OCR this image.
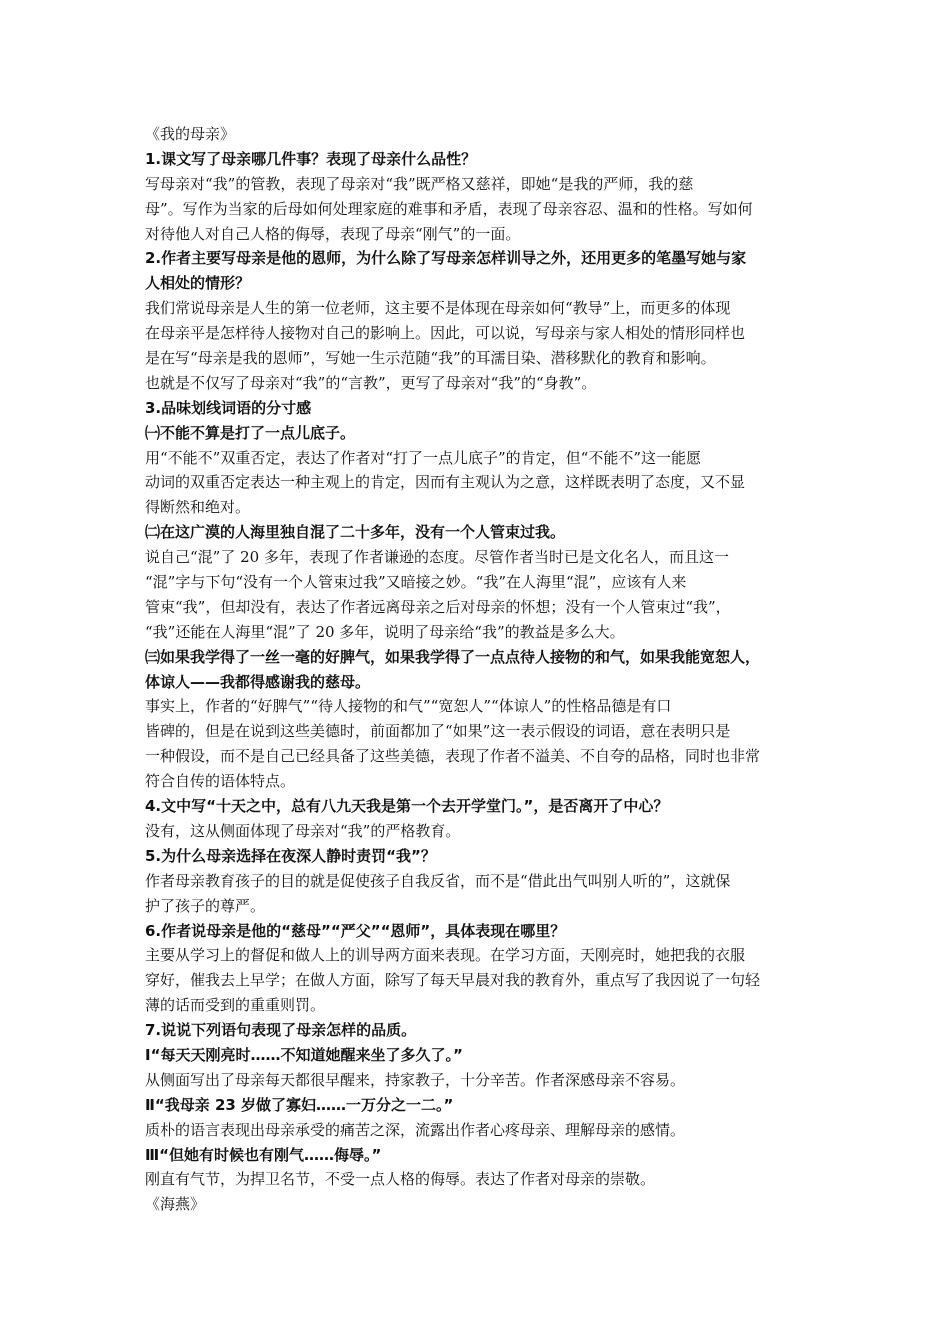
《我的母亲》
1.课文写了母亲哪几件事？表现了母亲什么品性？
写母亲对“我”的管教，表现了母亲对“我”既严格又慈祥，即她“是我的严师，我的慈
母”。写作为当家的后母如何处理家庭的难事和矛盾，表现了母亲容忍、温和的性格。写如何
对待他人对自己人格的侮辱，表现了母亲“刚气”的一面。
2.作者主要写母亲是他的恩师，为什么除了写母亲怎样训导之外，还用更多的笔墨写她与家
人相处的情形？
我们常说母亲是人生的第一位老师，这主要不是体现在母亲如何“教导”上，而更多的体现
在母亲平是怎样待人接物对自己的影响上。因此，可以说，写母亲与家人相处的情形同样也
是在写“母亲是我的恩师”，写她一生示范随“我”的耳濡目染、潜移默化的教育和影响。
也就是不仅写了母亲对“我”的“言教”，更写了母亲对“我”的“身教”。
3.品味划线词语的分寸感
㈠不能不算是打了一点儿底子。
用“不能不”双重否定，表达了作者对“打了一点儿底子”的肯定，但“不能不”这一能愿
动词的双重否定表达一种主观上的肯定，因而有主观认为之意，这样既表明了态度，又不显
得断然和绝对。
㈡在这广漠的人海里独自混了二十多年，没有一个人管束过我。
说自己“混”了 20 多年，表现了作者谦逊的态度。尽管作者当时已是文化名人，而且这一
“混”字与下句“没有一个人管束过我”又暗接之妙。“我”在人海里“混”，应该有人来
管束“我”，但却没有，表达了作者远离母亲之后对母亲的怀想；没有一个人管束过“我”，
“我”还能在人海里“混”了 20 多年，说明了母亲给“我”的教益是多么大。
㈢如果我学得了一丝一毫的好脾气，如果我学得了一点点待人接物的和气，如果我能宽恕人，
体谅人——我都得感谢我的慈母。
事实上，作者的“好脾气”“待人接物的和气”“宽恕人”“体谅人”的性格品德是有口
皆碑的，但是在说到这些美德时，前面都加了“如果”这一表示假设的词语，意在表明只是
一种假设，而不是自己已经具备了这些美德，表现了作者不溢美、不自夸的品格，同时也非常
符合自传的语体特点。
4.文中写“十天之中，总有八九天我是第一个去开学堂门。”，是否离开了中心？
没有，这从侧面体现了母亲对“我”的严格教育。
5.为什么母亲选择在夜深人静时责罚“我”？
作者母亲教育孩子的目的就是促使孩子自我反省，而不是“借此出气叫别人听的”，这就保
护了孩子的尊严。
6.作者说母亲是他的“慈母”“严父”“恩师”，具体表现在哪里？
主要从学习上的督促和做人上的训导两方面来表现。在学习方面，天刚亮时，她把我的衣服
穿好，催我去上早学；在做人方面，除写了每天早晨对我的教育外，重点写了我因说了一句轻
薄的话而受到的重重则罚。
7.说说下列语句表现了母亲怎样的品质。
Ⅰ“每天天刚亮时……不知道她醒来坐了多久了。”
从侧面写出了母亲每天都很早醒来，持家教子，十分辛苦。作者深感母亲不容易。
Ⅱ“我母亲 23 岁做了寡妇……一万分之一二。”
质朴的语言表现出母亲承受的痛苦之深，流露出作者心疼母亲、理解母亲的感情。
Ⅲ“但她有时候也有刚气……侮辱。”
刚直有气节，为捍卫名节，不受一点人格的侮辱。表达了作者对母亲的崇敬。
《海燕》
